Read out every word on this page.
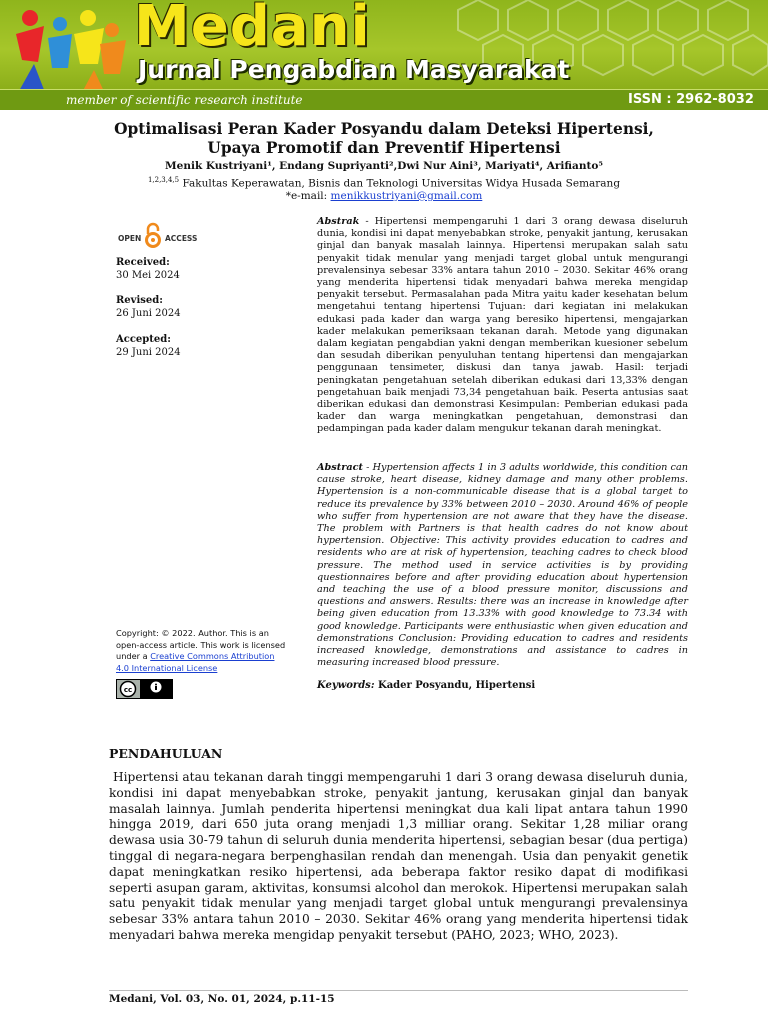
Medani
Jurnal Pengabdian Masyarakat
member of scientific research institute	ISSN : 2962-8032
Optimalisasi Peran Kader Posyandu dalam Deteksi Hipertensi, Upaya Promotif dan Preventif Hipertensi
Menik Kustriyani¹, Endang Supriyanti²,Dwi Nur Aini³, Mariyati⁴, Arifianto⁵
$^{1,2,3,4,5}$ Fakultas Keperawatan, Bisnis dan Teknologi Universitas Widya Husada Semarang
*e-mail: menikkustriyani@gmail.com
OPEN	ACCESS
Received:
30 Mei 2024
Revised:
26 Juni 2024
Accepted:
29 Juni 2024
Copyright: © 2022. Author. This is an open-access article. This work is licensed under a Creative Commons Attribution 4.0 International License
cc
Abstrak - Hipertensi mempengaruhi 1 dari 3 orang dewasa diseluruh dunia, kondisi ini dapat menyebabkan stroke, penyakit jantung, kerusakan ginjal dan banyak masalah lainnya. Hipertensi merupakan salah satu penyakit tidak menular yang menjadi target global untuk mengurangi prevalensinya sebesar 33% antara tahun 2010 – 2030. Sekitar 46% orang yang menderita hipertensi tidak menyadari bahwa mereka mengidap penyakit tersebut. Permasalahan pada Mitra yaitu kader kesehatan belum mengetahui tentang hipertensi Tujuan: dari kegiatan ini melakukan edukasi pada kader dan warga yang beresiko hipertensi, mengajarkan kader melakukan pemeriksaan tekanan darah. Metode yang digunakan dalam kegiatan pengabdian yakni dengan memberikan kuesioner sebelum dan sesudah diberikan penyuluhan tentang hipertensi dan mengajarkan penggunaan tensimeter, diskusi dan tanya jawab. Hasil: terjadi peningkatan pengetahuan setelah diberikan edukasi dari 13,33% dengan pengetahuan baik menjadi 73,34 pengetahuan baik. Peserta antusias saat diberikan edukasi dan demonstrasi Kesimpulan: Pemberian edukasi pada kader dan warga meningkatkan pengetahuan, demonstrasi dan pedampingan pada kader dalam mengukur tekanan darah meningkat.
Abstract - Hypertension affects 1 in 3 adults worldwide, this condition can cause stroke, heart disease, kidney damage and many other problems. Hypertension is a non-communicable disease that is a global target to reduce its prevalence by 33% between 2010 – 2030. Around 46% of people who suffer from hypertension are not aware that they have the disease. The problem with Partners is that health cadres do not know about hypertension. Objective: This activity provides education to cadres and residents who are at risk of hypertension, teaching cadres to check blood pressure. The method used in service activities is by providing questionnaires before and after providing education about hypertension and teaching the use of a blood pressure monitor, discussions and questions and answers. Results: there was an increase in knowledge after being given education from 13.33% with good knowledge to 73.34 with good knowledge. Participants were enthusiastic when given education and demonstrations Conclusion: Providing education to cadres and residents increased knowledge, demonstrations and assistance to cadres in measuring increased blood pressure.
Keywords: Kader Posyandu, Hipertensi
PENDAHULUAN
Hipertensi atau tekanan darah tinggi mempengaruhi 1 dari 3 orang dewasa diseluruh dunia, kondisi ini dapat menyebabkan stroke, penyakit jantung, kerusakan ginjal dan banyak masalah lainnya. Jumlah penderita hipertensi meningkat dua kali lipat antara tahun 1990 hingga 2019, dari 650 juta orang menjadi 1,3 milliar orang. Sekitar 1,28 miliar orang dewasa usia 30-79 tahun di seluruh dunia menderita hipertensi, sebagian besar (dua pertiga) tinggal di negara-negara berpenghasilan rendah dan menengah. Usia dan penyakit genetik dapat meningkatkan resiko hipertensi, ada beberapa faktor resiko dapat di modifikasi seperti asupan garam, aktivitas, konsumsi alcohol dan merokok. Hipertensi merupakan salah satu penyakit tidak menular yang menjadi target global untuk mengurangi prevalensinya sebesar 33% antara tahun 2010 – 2030. Sekitar 46% orang yang menderita hipertensi tidak menyadari bahwa mereka mengidap penyakit tersebut (PAHO, 2023; WHO, 2023).
Medani, Vol. 03, No. 01, 2024, p.11-15
